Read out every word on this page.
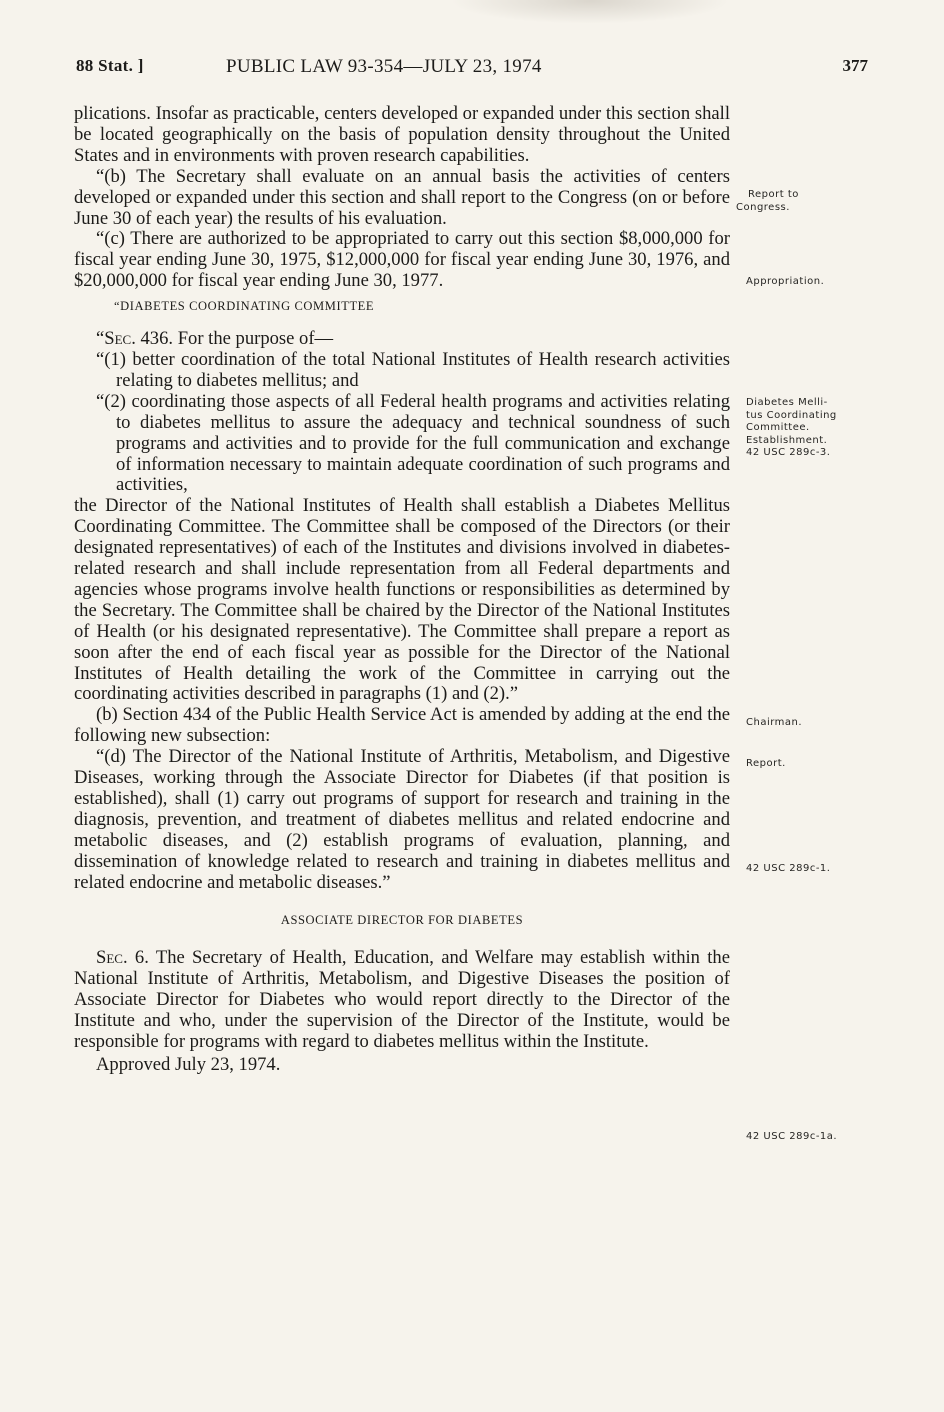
88 Stat. ]	PUBLIC LAW 93-354—JULY 23, 1974	377

plications. Insofar as practicable, centers developed or expanded under this section shall be located geographically on the basis of population density throughout the United States and in environments with proven research capabilities.

“(b) The Secretary shall evaluate on an annual basis the activities of centers developed or expanded under this section and shall report to the Congress (on or before June 30 of each year) the results of his evaluation.

“(c) There are authorized to be appropriated to carry out this section $8,000,000 for fiscal year ending June 30, 1975, $12,000,000 for fiscal year ending June 30, 1976, and $20,000,000 for fiscal year ending June 30, 1977.

“DIABETES COORDINATING COMMITTEE

“Sec. 436. For the purpose of—

“(1) better coordination of the total National Institutes of Health research activities relating to diabetes mellitus; and

“(2) coordinating those aspects of all Federal health programs and activities relating to diabetes mellitus to assure the adequacy and technical soundness of such programs and activities and to provide for the full communication and exchange of information necessary to maintain adequate coordination of such programs and activities,

the Director of the National Institutes of Health shall establish a Diabetes Mellitus Coordinating Committee. The Committee shall be composed of the Directors (or their designated representatives) of each of the Institutes and divisions involved in diabetes-related research and shall include representation from all Federal departments and agencies whose programs involve health functions or responsibilities as determined by the Secretary. The Committee shall be chaired by the Director of the National Institutes of Health (or his designated representative). The Committee shall prepare a report as soon after the end of each fiscal year as possible for the Director of the National Institutes of Health detailing the work of the Committee in carrying out the coordinating activities described in paragraphs (1) and (2).”

(b) Section 434 of the Public Health Service Act is amended by adding at the end the following new subsection:

“(d) The Director of the National Institute of Arthritis, Metabolism, and Digestive Diseases, working through the Associate Director for Diabetes (if that position is established), shall (1) carry out programs of support for research and training in the diagnosis, prevention, and treatment of diabetes mellitus and related endocrine and metabolic diseases, and (2) establish programs of evaluation, planning, and dissemination of knowledge related to research and training in diabetes mellitus and related endocrine and metabolic diseases.”

ASSOCIATE DIRECTOR FOR DIABETES

Sec. 6. The Secretary of Health, Education, and Welfare may establish within the National Institute of Arthritis, Metabolism, and Digestive Diseases the position of Associate Director for Diabetes who would report directly to the Director of the Institute and who, under the supervision of the Director of the Institute, would be responsible for programs with regard to diabetes mellitus within the Institute.

Approved July 23, 1974.

Report to
Congress.
Appropriation.
Diabetes Melli-
tus Coordinating
Committee.
Establishment.
42 USC 289c-3.
Chairman.
Report.
42 USC 289c-1.
42 USC 289c-1a.
